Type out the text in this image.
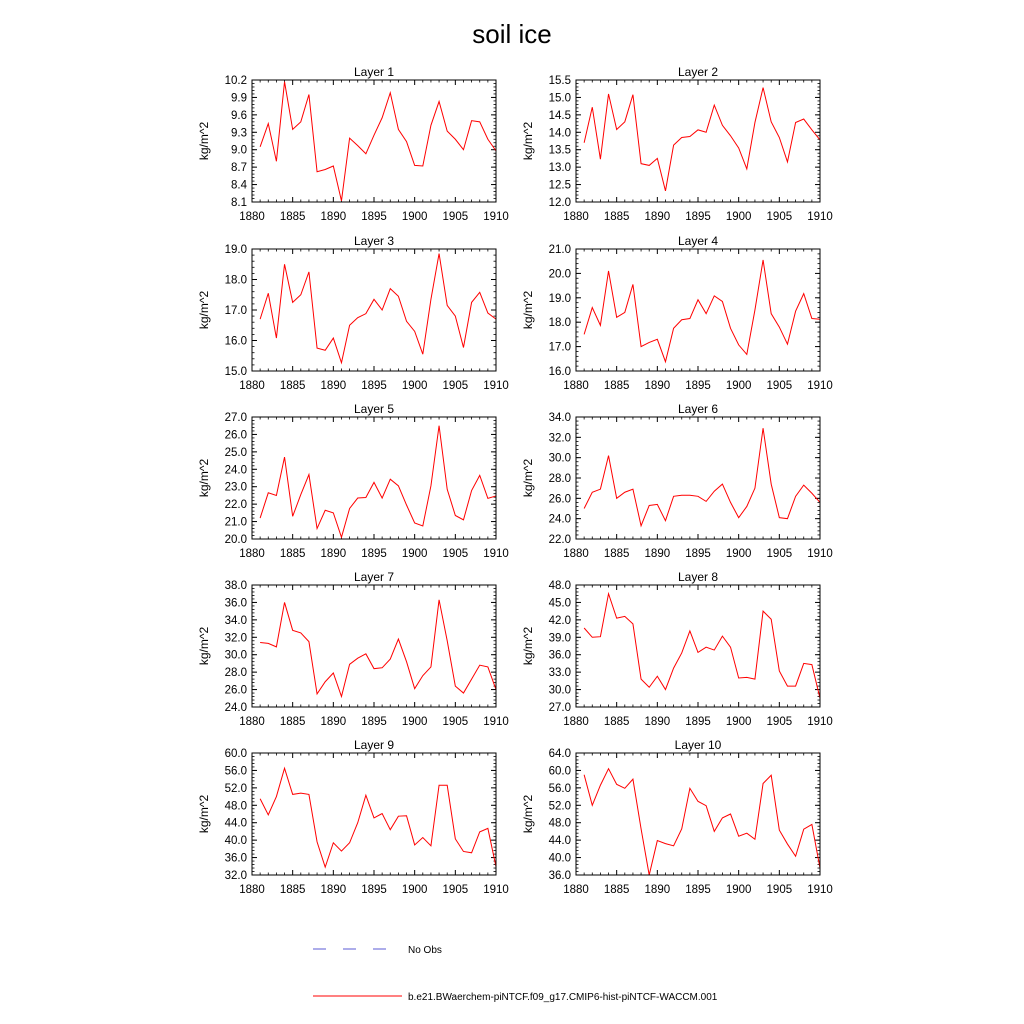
soil ice
Layer 1
8.1
8.4
8.7
9.0
9.3
9.6
9.9
10.2
1880 1885 1890 1895 1900 1905 1910
kg/m^2
Layer 2
12.0
12.5
13.0
13.5
14.0
14.5
15.0
15.5
1880 1885 1890 1895 1900 1905 1910
kg/m^2
Layer 3
15.0
16.0
17.0
18.0
19.0
1880 1885 1890 1895 1900 1905 1910
kg/m^2
Layer 4
16.0
17.0
18.0
19.0
20.0
21.0
1880 1885 1890 1895 1900 1905 1910
kg/m^2
Layer 5
20.0
21.0
22.0
23.0
24.0
25.0
26.0
27.0
1880 1885 1890 1895 1900 1905 1910
kg/m^2
Layer 6
22.0
24.0
26.0
28.0
30.0
32.0
34.0
1880 1885 1890 1895 1900 1905 1910
kg/m^2
Layer 7
24.0
26.0
28.0
30.0
32.0
34.0
36.0
38.0
1880 1885 1890 1895 1900 1905 1910
kg/m^2
Layer 8
27.0
30.0
33.0
36.0
39.0
42.0
45.0
48.0
1880 1885 1890 1895 1900 1905 1910
kg/m^2
Layer 9
32.0
36.0
40.0
44.0
48.0
52.0
56.0
60.0
1880 1885 1890 1895 1900 1905 1910
kg/m^2
Layer 10
36.0
40.0
44.0
48.0
52.0
56.0
60.0
64.0
1880 1885 1890 1895 1900 1905 1910
kg/m^2
No Obs
b.e21.BWaerchem-piNTCF.f09_g17.CMIP6-hist-piNTCF-WACCM.001
